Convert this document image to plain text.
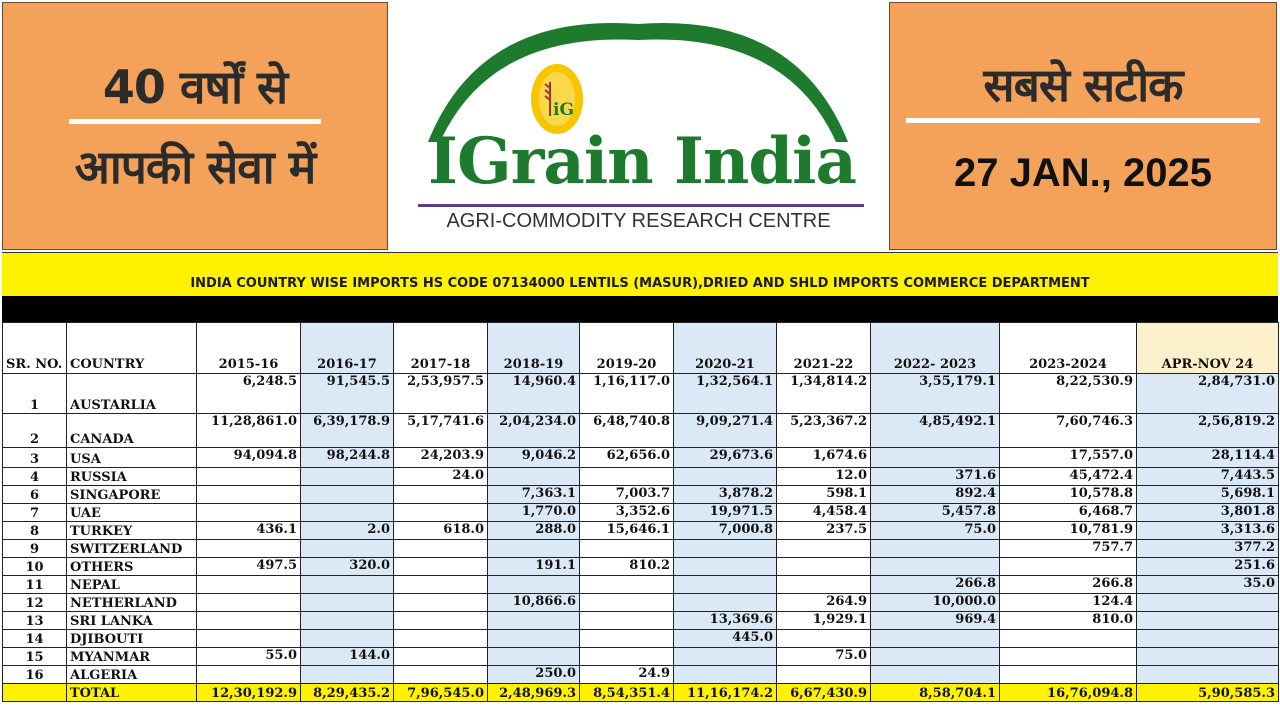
40 वर्षों से
आपकी सेवा में
iG
IGrain India
AGRI-COMMODITY RESEARCH CENTRE
सबसे सटीक
27 JAN., 2025
INDIA COUNTRY WISE IMPORTS HS CODE 07134000 LENTILS (MASUR),DRIED AND SHLD IMPORTS COMMERCE DEPARTMENT
SR. NO.	COUNTRY	2015-16	2016-17	2017-18	2018-19	2019-20	2020-21	2021-22	2022- 2023	2023-2024	APR-NOV 24
1	AUSTARLIA	6,248.5	91,545.5	2,53,957.5	14,960.4	1,16,117.0	1,32,564.1	1,34,814.2	3,55,179.1	8,22,530.9	2,84,731.0
2	CANADA	11,28,861.0	6,39,178.9	5,17,741.6	2,04,234.0	6,48,740.8	9,09,271.4	5,23,367.2	4,85,492.1	7,60,746.3	2,56,819.2
3	USA	94,094.8	98,244.8	24,203.9	9,046.2	62,656.0	29,673.6	1,674.6		17,557.0	28,114.4
4	RUSSIA			24.0				12.0	371.6	45,472.4	7,443.5
6	SINGAPORE				7,363.1	7,003.7	3,878.2	598.1	892.4	10,578.8	5,698.1
7	UAE				1,770.0	3,352.6	19,971.5	4,458.4	5,457.8	6,468.7	3,801.8
8	TURKEY	436.1	2.0	618.0	288.0	15,646.1	7,000.8	237.5	75.0	10,781.9	3,313.6
9	SWITZERLAND									757.7	377.2
10	OTHERS	497.5	320.0		191.1	810.2					251.6
11	NEPAL								266.8	266.8	35.0
12	NETHERLAND				10,866.6			264.9	10,000.0	124.4	
13	SRI LANKA						13,369.6	1,929.1	969.4	810.0	
14	DJIBOUTI						445.0				
15	MYANMAR	55.0	144.0					75.0			
16	ALGERIA				250.0	24.9					
	TOTAL	12,30,192.9	8,29,435.2	7,96,545.0	2,48,969.3	8,54,351.4	11,16,174.2	6,67,430.9	8,58,704.1	16,76,094.8	5,90,585.3
